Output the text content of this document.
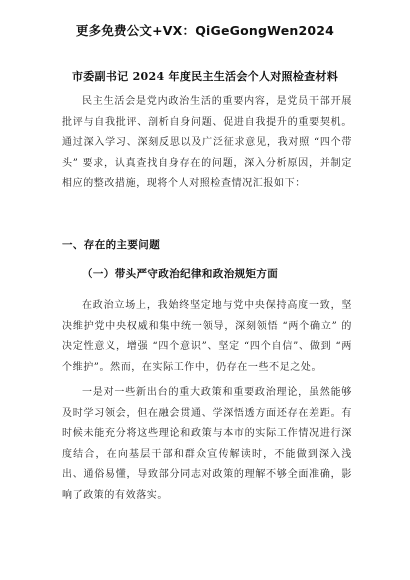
更多免费公文+VX：QiGeGongWen2024
市委副书记 2024 年度民主生活会个人对照检查材料

民主生活会是党内政治生活的重要内容，是党员干部开展批评与自我批评、剖析自身问题、促进自我提升的重要契机。通过深入学习、深刻反思以及广泛征求意见，我对照 “四个带头” 要求，认真查找自身存在的问题，深入分析原因，并制定相应的整改措施，现将个人对照检查情况汇报如下：

一、存在的主要问题
（一）带头严守政治纪律和政治规矩方面

在政治立场上，我始终坚定地与党中央保持高度一致，坚决维护党中央权威和集中统一领导，深刻领悟 “两个确立” 的决定性意义，增强 “四个意识”、坚定 “四个自信”、做到 “两个维护”。然而，在实际工作中，仍存在一些不足之处。

一是对一些新出台的重大政策和重要政治理论，虽然能够及时学习领会，但在融会贯通、学深悟透方面还存在差距。有时候未能充分将这些理论和政策与本市的实际工作情况进行深度结合，在向基层干部和群众宣传解读时，不能做到深入浅出、通俗易懂，导致部分同志对政策的理解不够全面准确，影响了政策的有效落实。
